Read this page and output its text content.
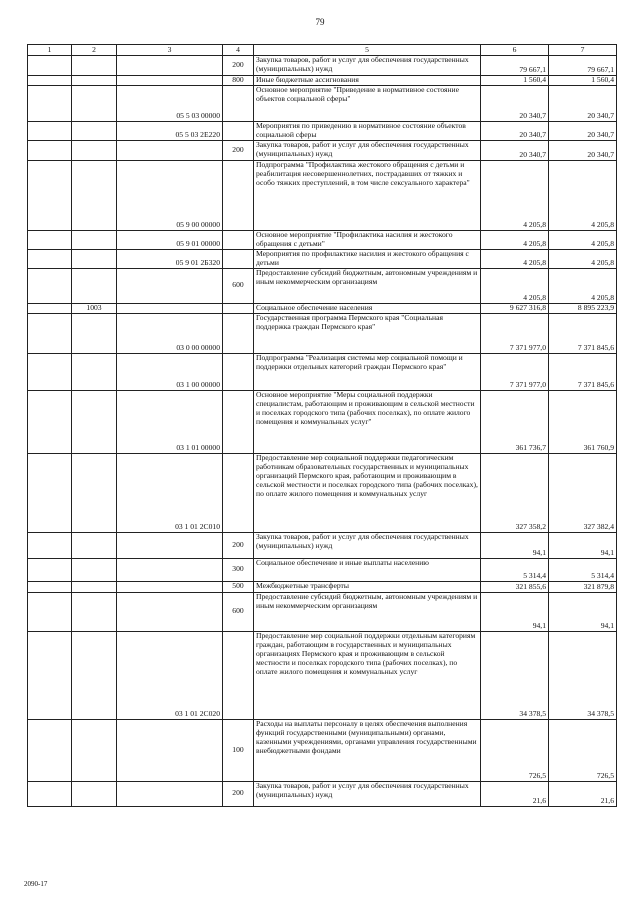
79
1	2	3	4	5	6	7
			200	Закупка товаров, работ и услуг для обеспечения государственных (муниципальных) нужд	79 667,1	79 667,1
			800	Иные бюджетные ассигнования	1 560,4	1 560,4
		05 5 03 00000		Основное мероприятие "Приведение в нормативное состояние объектов социальной сферы"	20 340,7	20 340,7
		05 5 03 2Е220		Мероприятия по приведению в нормативное состояние объектов социальной сферы	20 340,7	20 340,7
			200	Закупка товаров, работ и услуг для обеспечения государственных (муниципальных) нужд	20 340,7	20 340,7
		05 9 00 00000		Подпрограмма "Профилактика жестокого обращения с детьми и реабилитация несовершеннолетних, пострадавших от тяжких и особо тяжких преступлений, в том числе сексуального характера"	4 205,8	4 205,8
		05 9 01 00000		Основное мероприятие "Профилактика насилия и жестокого обращения с детьми"	4 205,8	4 205,8
		05 9 01 2Б320		Мероприятия по профилактике насилия и жестокого обращения с детьми	4 205,8	4 205,8
			600	Предоставление субсидий бюджетным, автономным учреждениям и иным некоммерческим организациям	4 205,8	4 205,8
	1003			Социальное обеспечение населения	9 627 316,8	8 895 223,9
		03 0 00 00000		Государственная программа Пермского края "Социальная поддержка граждан Пермского края"	7 371 977,0	7 371 845,6
		03 1 00 00000		Подпрограмма "Реализация системы мер социальной помощи и поддержки отдельных категорий граждан Пермского края"	7 371 977,0	7 371 845,6
		03 1 01 00000		Основное мероприятие "Меры социальной поддержки специалистам, работающим и проживающим в сельской местности и поселках городского типа (рабочих поселках), по оплате жилого помещения и коммунальных услуг"	361 736,7	361 760,9
		03 1 01 2С010		Предоставление мер социальной поддержки педагогическим работникам образовательных государственных и муниципальных организаций Пермского края, работающим и проживающим в сельской местности и поселках городского типа (рабочих поселках), по оплате жилого помещения и коммунальных услуг	327 358,2	327 382,4
			200	Закупка товаров, работ и услуг для обеспечения государственных (муниципальных) нужд	94,1	94,1
			300	Социальное обеспечение и иные выплаты населению	5 314,4	5 314,4
			500	Межбюджетные трансферты	321 855,6	321 879,8
			600	Предоставление субсидий бюджетным, автономным учреждениям и иным некоммерческим организациям	94,1	94,1
		03 1 01 2С020		Предоставление мер социальной поддержки отдельным категориям граждан, работающим в государственных и муниципальных организациях Пермского края и проживающим в сельской местности и поселках городского типа (рабочих поселках), по оплате жилого помещения и коммунальных услуг	34 378,5	34 378,5
			100	Расходы на выплаты персоналу в целях обеспечения выполнения функций государственными (муниципальными) органами, казенными учреждениями, органами управления государственными внебюджетными фондами	726,5	726,5
			200	Закупка товаров, работ и услуг для обеспечения государственных (муниципальных) нужд	21,6	21,6
2090-17
